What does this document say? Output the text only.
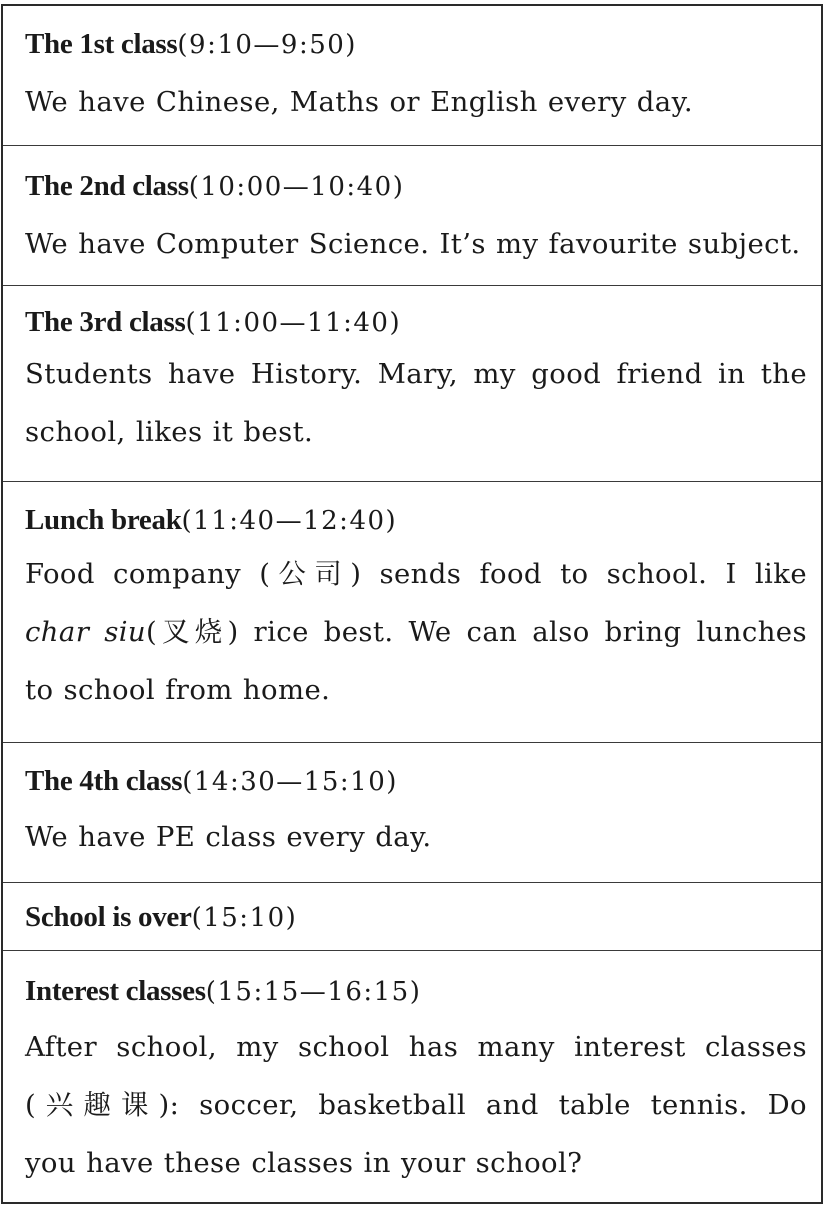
The 1st class(9:10—9:50)
We have Chinese, Maths or English every day.
The 2nd class(10:00—10:40)
We have Computer Science. It’s my favourite subject.
The 3rd class(11:00—11:40)
Students have History. Mary, my good friend in the
school, likes it best.
Lunch break(11:40—12:40)
Food company (公司) sends food to school. I like
char siu(叉烧) rice best. We can also bring lunches
to school from home.
The 4th class(14:30—15:10)
We have PE class every day.
School is over(15:10)
Interest classes(15:15—16:15)
After school, my school has many interest classes
(兴趣课): soccer, basketball and table tennis. Do
you have these classes in your school?
